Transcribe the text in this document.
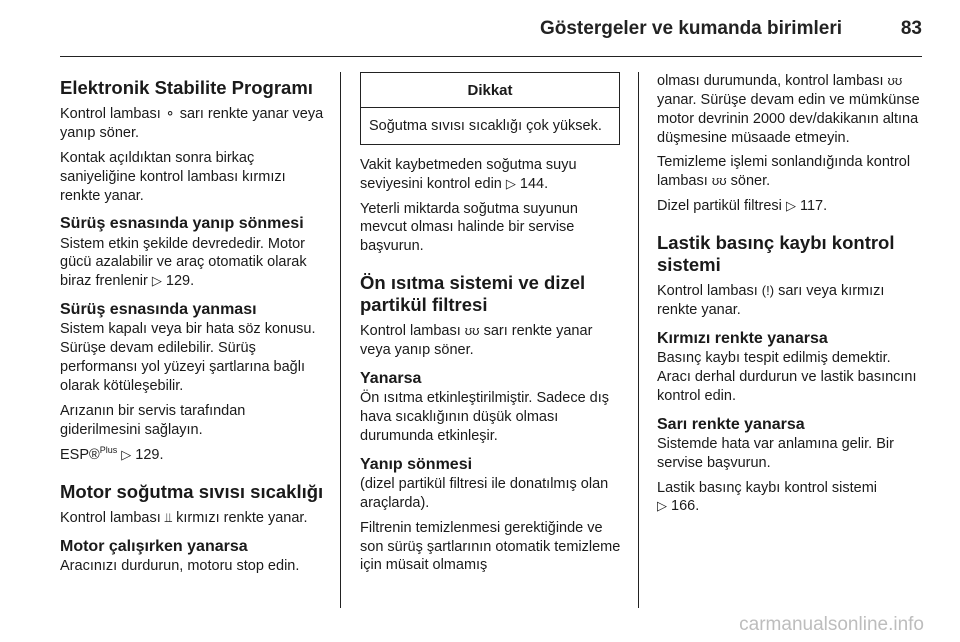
Göstergeler ve kumanda birimleri	83
Elektronik Stabilite Programı

Kontrol lambası ⚬ sarı renkte yanar veya yanıp söner.

Kontak açıldıktan sonra birkaç saniyeliğine kontrol lambası kırmızı renkte yanar.

Sürüş esnasında yanıp sönmesi

Sistem etkin şekilde devrededir. Motor gücü azalabilir ve araç otomatik olarak biraz frenlenir ▷ 129.

Sürüş esnasında yanması

Sistem kapalı veya bir hata söz konusu. Sürüşe devam edilebilir. Sürüş performansı yol yüzeyi şartlarına bağlı olarak kötüleşebilir.

Arızanın bir servis tarafından giderilmesini sağlayın.

ESP®$^{Plus}$ ▷ 129.

Motor soğutma sıvısı sıcaklığı

Kontrol lambası ⫫ kırmızı renkte yanar.

Motor çalışırken yanarsa

Aracınızı durdurun, motoru stop edin.

Dikkat
Soğutma sıvısı sıcaklığı çok yüksek.

Vakit kaybetmeden soğutma suyu seviyesini kontrol edin ▷ 144.

Yeterli miktarda soğutma suyunun mevcut olması halinde bir servise başvurun.

Ön ısıtma sistemi ve dizel partikül filtresi

Kontrol lambası ʊʊ sarı renkte yanar veya yanıp söner.

Yanarsa

Ön ısıtma etkinleştirilmiştir. Sadece dış hava sıcaklığının düşük olması durumunda etkinleşir.

Yanıp sönmesi

(dizel partikül filtresi ile donatılmış olan araçlarda).

Filtrenin temizlenmesi gerektiğinde ve son sürüş şartlarının otomatik temizleme için müsait olmamış

olması durumunda, kontrol lambası ʊʊ yanar. Sürüşe devam edin ve mümkünse motor devrinin 2000 dev/dakikanın altına düşmesine müsaade etmeyin.

Temizleme işlemi sonlandığında kontrol lambası ʊʊ söner.

Dizel partikül filtresi ▷ 117.

Lastik basınç kaybı kontrol sistemi

Kontrol lambası (!) sarı veya kırmızı renkte yanar.

Kırmızı renkte yanarsa

Basınç kaybı tespit edilmiş demektir. Aracı derhal durdurun ve lastik basıncını kontrol edin.

Sarı renkte yanarsa

Sistemde hata var anlamına gelir. Bir servise başvurun.

Lastik basınç kaybı kontrol sistemi
▷ 166.

carmanualsonline.info
